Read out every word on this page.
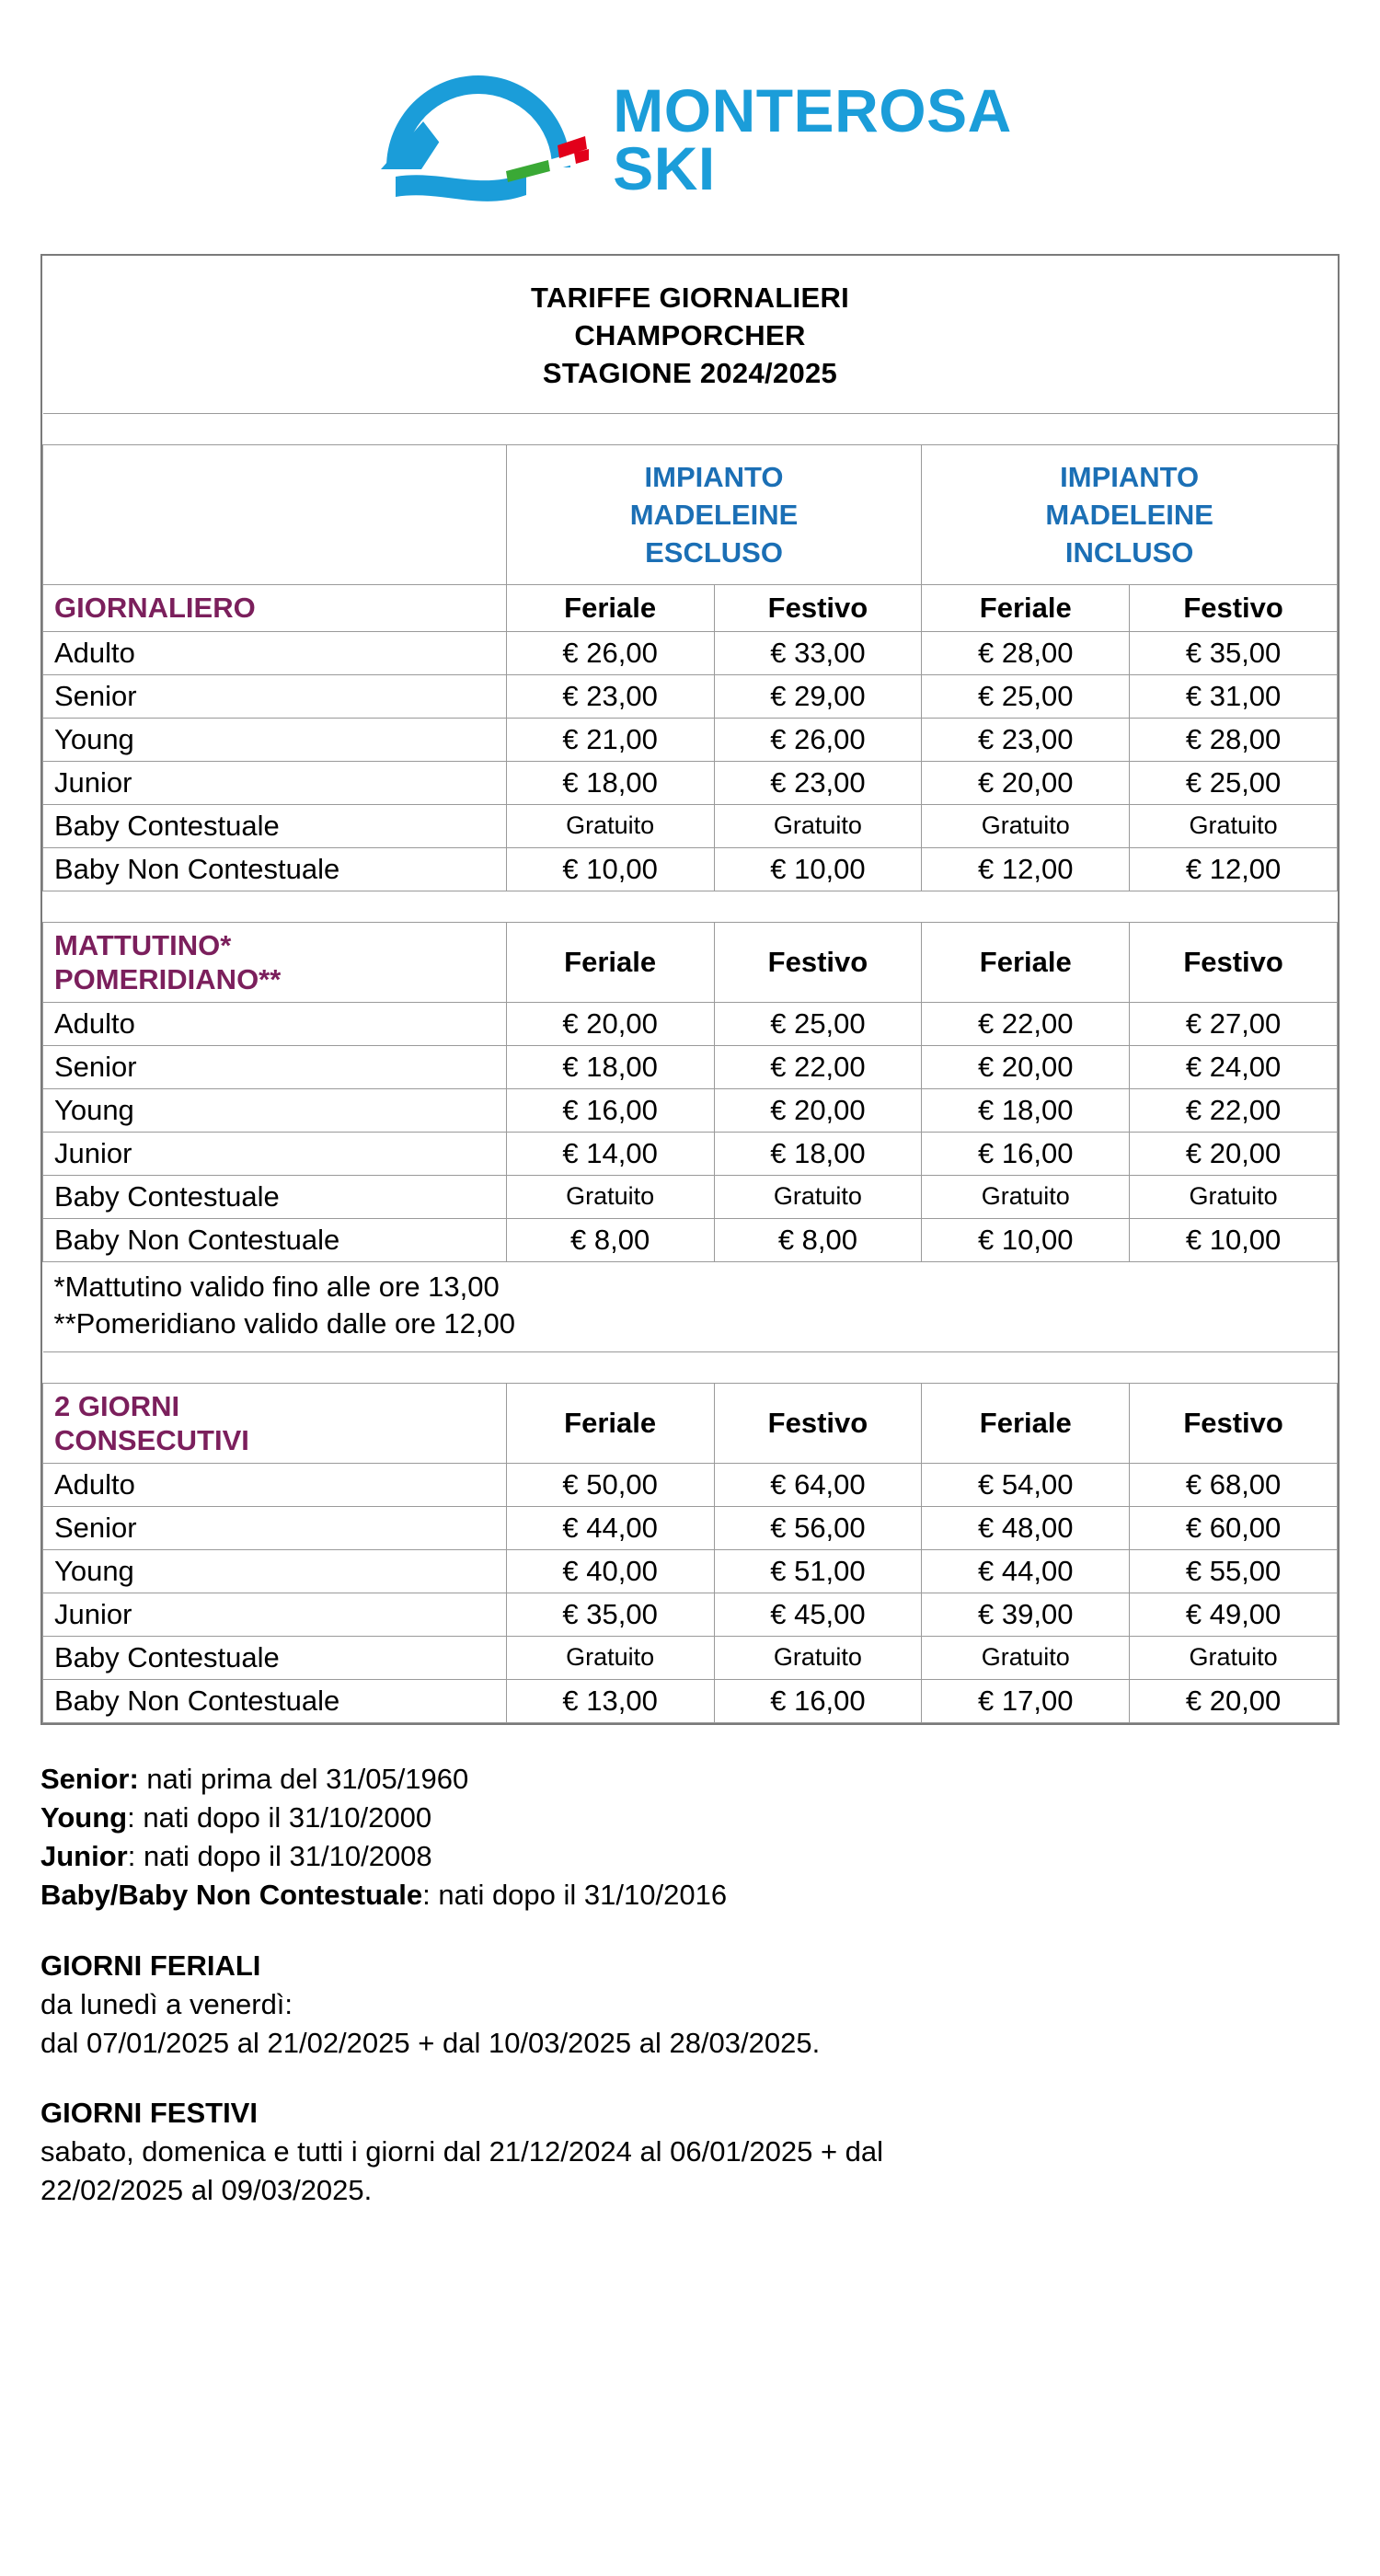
MONTEROSA
SKI
TARIFFE GIORNALIERI
CHAMPORCHER
STAGIONE 2024/2025				

IMPIANTO
MADELEINE
ESCLUSO

IMPIANTO
MADELEINE
INCLUSO

GIORNALIERO	Feriale	Festivo	Feriale	Festivo
Adulto	€ 26,00	€ 33,00	€ 28,00	€ 35,00
Senior	€ 23,00	€ 29,00	€ 25,00	€ 31,00
Young	€ 21,00	€ 26,00	€ 23,00	€ 28,00
Junior	€ 18,00	€ 23,00	€ 20,00	€ 25,00
Baby Contestuale	Gratuito	Gratuito	Gratuito	Gratuito
Baby Non Contestuale	€ 10,00	€ 10,00	€ 12,00	€ 12,00

MATTUTINO*
POMERIDIANO**	Feriale	Festivo	Feriale	Festivo
Adulto	€ 20,00	€ 25,00	€ 22,00	€ 27,00
Senior	€ 18,00	€ 22,00	€ 20,00	€ 24,00
Young	€ 16,00	€ 20,00	€ 18,00	€ 22,00
Junior	€ 14,00	€ 18,00	€ 16,00	€ 20,00
Baby Contestuale	Gratuito	Gratuito	Gratuito	Gratuito
Baby Non Contestuale	€ 8,00	€ 8,00	€ 10,00	€ 10,00

*Mattutino valido fino alle ore 13,00
**Pomeridiano valido dalle ore 12,00				

2 GIORNI
CONSECUTIVI	Feriale	Festivo	Feriale	Festivo
Adulto	€ 50,00	€ 64,00	€ 54,00	€ 68,00
Senior	€ 44,00	€ 56,00	€ 48,00	€ 60,00
Young	€ 40,00	€ 51,00	€ 44,00	€ 55,00
Junior	€ 35,00	€ 45,00	€ 39,00	€ 49,00
Baby Contestuale	Gratuito	Gratuito	Gratuito	Gratuito
Baby Non Contestuale	€ 13,00	€ 16,00	€ 17,00	€ 20,00
Senior: nati prima del 31/05/1960
Young: nati dopo il 31/10/2000
Junior: nati dopo il 31/10/2008
Baby/Baby Non Contestuale: nati dopo il 31/10/2016
GIORNI FERIALI
da lunedì a venerdì:
dal 07/01/2025 al 21/02/2025 + dal 10/03/2025 al 28/03/2025.
GIORNI FESTIVI
sabato, domenica e tutti i giorni dal 21/12/2024 al 06/01/2025 + dal
22/02/2025 al 09/03/2025.
